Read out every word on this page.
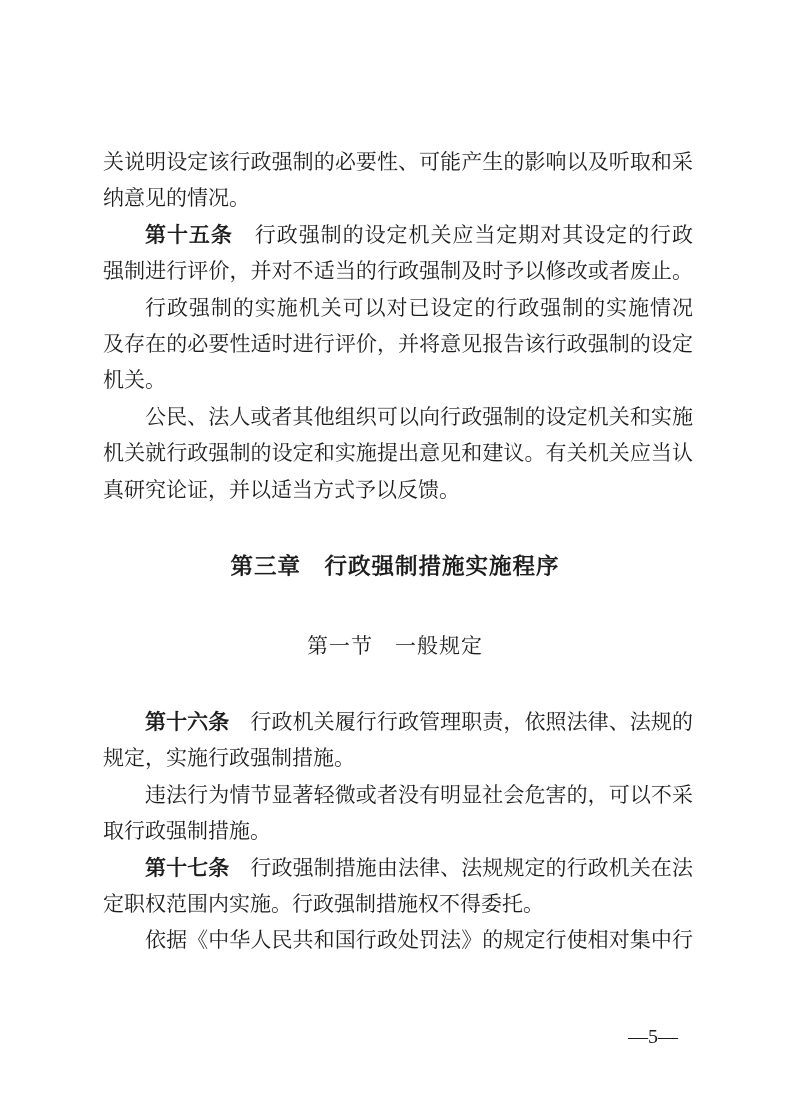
关说明设定该行政强制的必要性、可能产生的影响以及听取和采
纳意见的情况。
第十五条　行政强制的设定机关应当定期对其设定的行政
强制进行评价，并对不适当的行政强制及时予以修改或者废止。
行政强制的实施机关可以对已设定的行政强制的实施情况
及存在的必要性适时进行评价，并将意见报告该行政强制的设定
机关。
公民、法人或者其他组织可以向行政强制的设定机关和实施
机关就行政强制的设定和实施提出意见和建议。有关机关应当认
真研究论证，并以适当方式予以反馈。
第三章　行政强制措施实施程序
第一节　一般规定
第十六条　行政机关履行行政管理职责，依照法律、法规的
规定，实施行政强制措施。
违法行为情节显著轻微或者没有明显社会危害的，可以不采
取行政强制措施。
第十七条　行政强制措施由法律、法规规定的行政机关在法
定职权范围内实施。行政强制措施权不得委托。
依据《中华人民共和国行政处罚法》的规定行使相对集中行
—5—
